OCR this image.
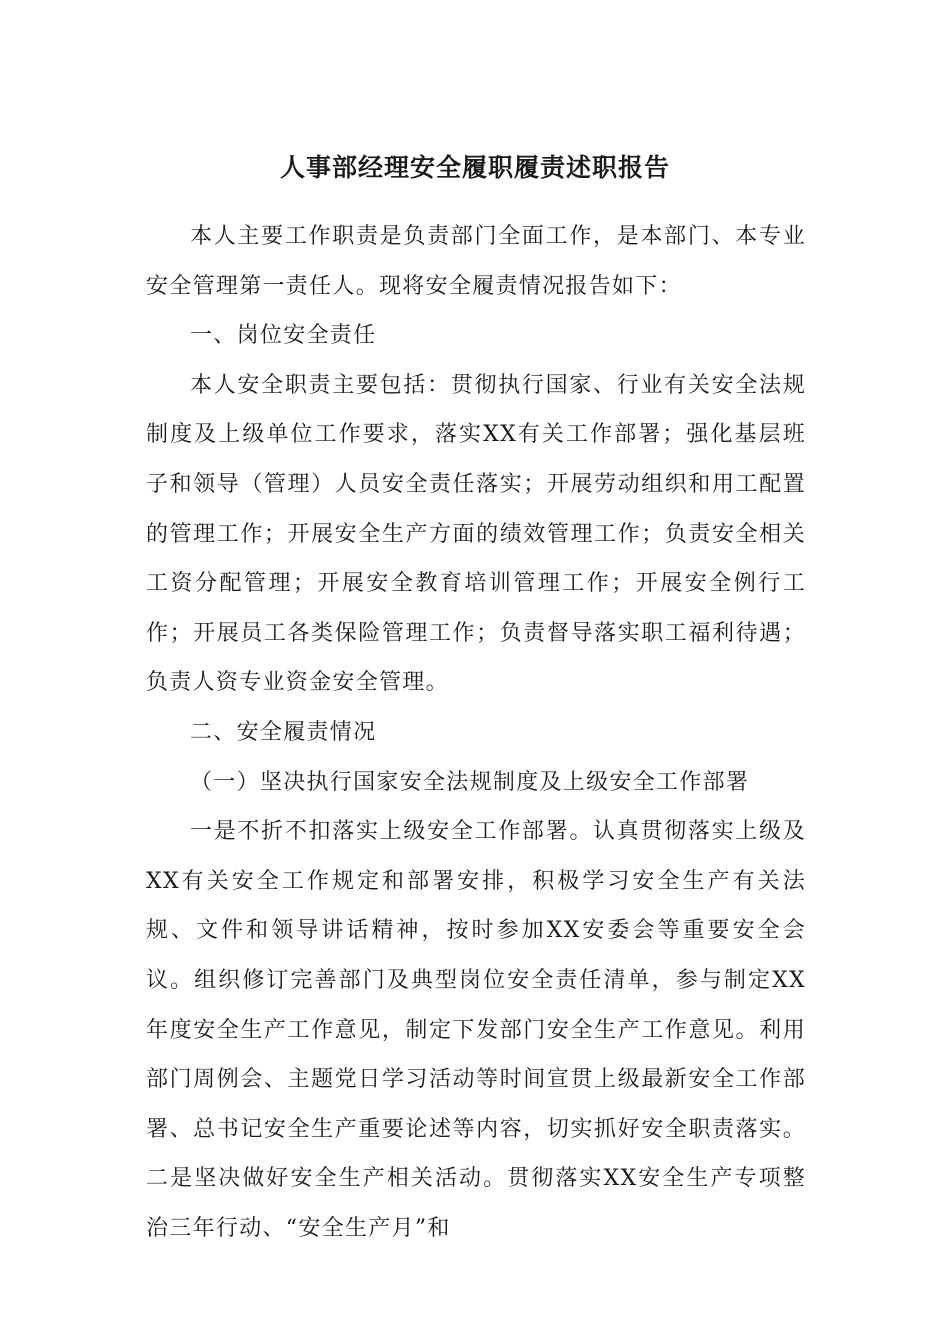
人事部经理安全履职履责述职报告

本人主要工作职责是负责部门全面工作，是本部门、本专业安全管理第一责任人。现将安全履责情况报告如下：

一、岗位安全责任

本人安全职责主要包括：贯彻执行国家、行业有关安全法规制度及上级单位工作要求，落实XX有关工作部署；强化基层班子和领导（管理）人员安全责任落实；开展劳动组织和用工配置的管理工作；开展安全生产方面的绩效管理工作；负责安全相关工资分配管理；开展安全教育培训管理工作；开展安全例行工作；开展员工各类保险管理工作；负责督导落实职工福利待遇；负责人资专业资金安全管理。

二、安全履责情况

（一）坚决执行国家安全法规制度及上级安全工作部署

一是不折不扣落实上级安全工作部署。认真贯彻落实上级及XX有关安全工作规定和部署安排，积极学习安全生产有关法规、文件和领导讲话精神，按时参加XX安委会等重要安全会议。组织修订完善部门及典型岗位安全责任清单，参与制定XX年度安全生产工作意见，制定下发部门安全生产工作意见。利用部门周例会、主题党日学习活动等时间宣贯上级最新安全工作部署、总书记安全生产重要论述等内容，切实抓好安全职责落实。二是坚决做好安全生产相关活动。贯彻落实XX安全生产专项整治三年行动、“安全生产月”和
